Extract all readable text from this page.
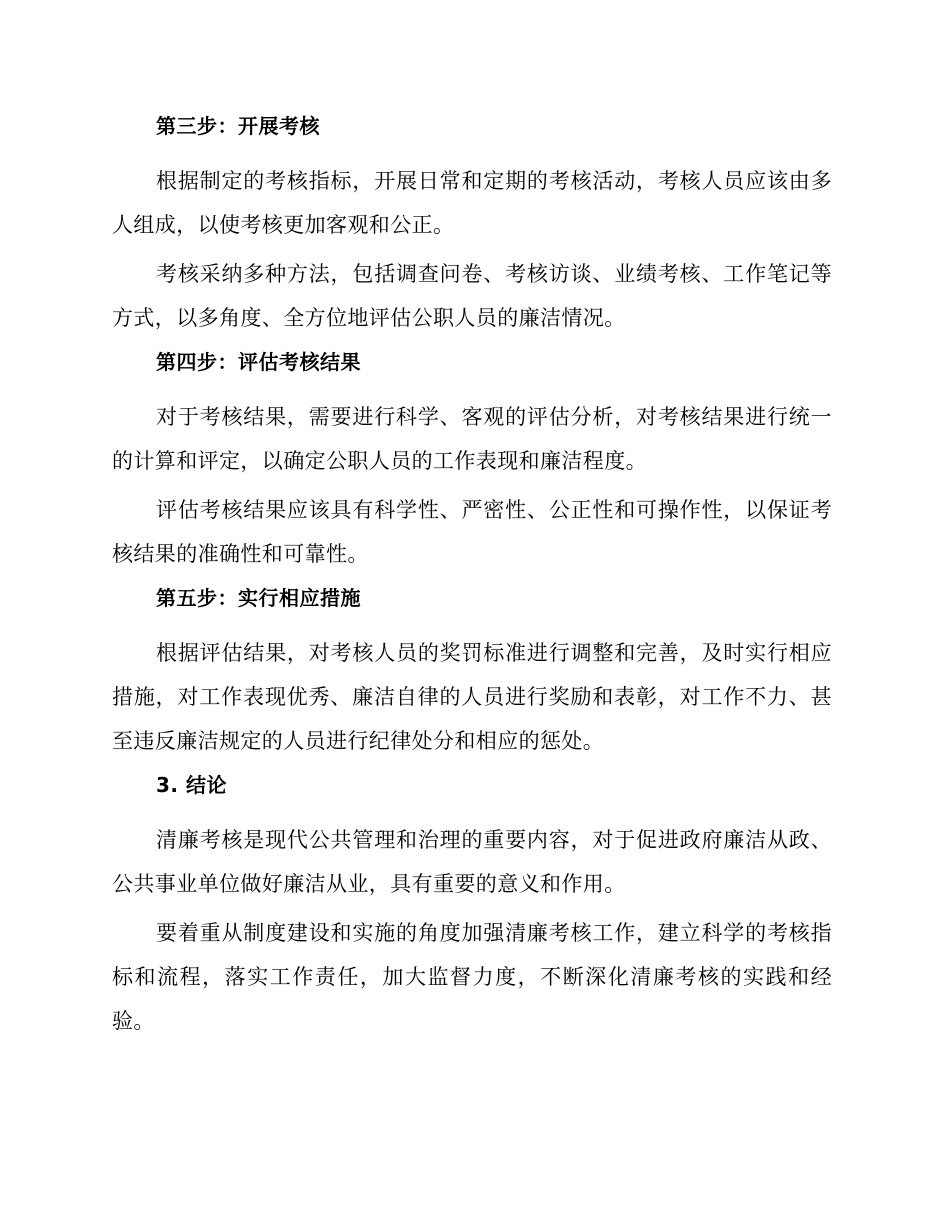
第三步：开展考核

根据制定的考核指标，开展日常和定期的考核活动，考核人员应该由多人组成，以使考核更加客观和公正。

考核采纳多种方法，包括调查问卷、考核访谈、业绩考核、工作笔记等方式，以多角度、全方位地评估公职人员的廉洁情况。

第四步：评估考核结果

对于考核结果，需要进行科学、客观的评估分析，对考核结果进行统一的计算和评定，以确定公职人员的工作表现和廉洁程度。

评估考核结果应该具有科学性、严密性、公正性和可操作性，以保证考核结果的准确性和可靠性。

第五步：实行相应措施

根据评估结果，对考核人员的奖罚标准进行调整和完善，及时实行相应措施，对工作表现优秀、廉洁自律的人员进行奖励和表彰，对工作不力、甚至违反廉洁规定的人员进行纪律处分和相应的惩处。

3. 结论

清廉考核是现代公共管理和治理的重要内容，对于促进政府廉洁从政、公共事业单位做好廉洁从业，具有重要的意义和作用。

要着重从制度建设和实施的角度加强清廉考核工作，建立科学的考核指标和流程，落实工作责任，加大监督力度，不断深化清廉考核的实践和经验。
